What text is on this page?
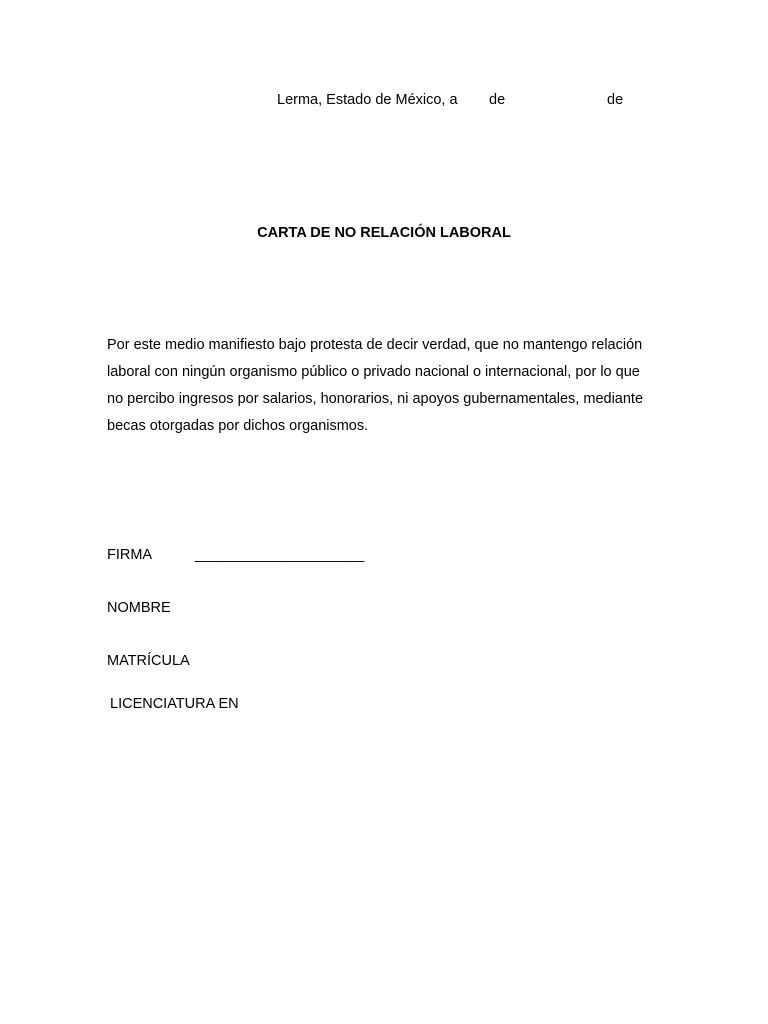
Lerma, Estado de México, a de	de
CARTA DE NO RELACIÓN LABORAL
Por este medio manifiesto bajo protesta de decir verdad, que no mantengo relación
laboral con ningún organismo público o privado nacional o internacional, por lo que
no percibo ingresos por salarios, honorarios, ni apoyos gubernamentales, mediante
becas otorgadas por dichos organismos.
FIRMA	_____________________
NOMBRE
MATRÍCULA
LICENCIATURA EN
